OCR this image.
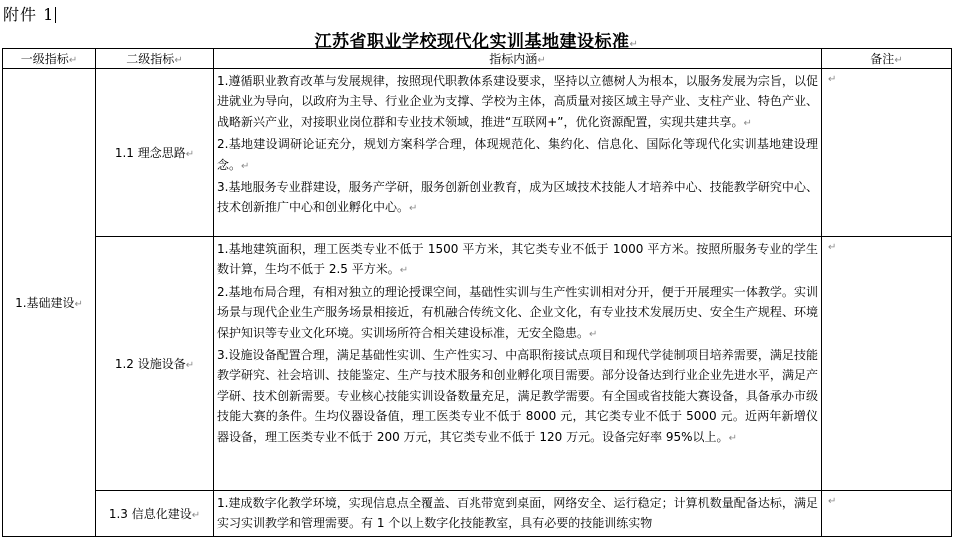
附件 1
江苏省职业学校现代化实训基地建设标准↵
一级指标↵	二级指标↵	指标内涵↵	备注↵
1.基础建设↵	1.1 理念思路↵	1.遵循职业教育改革与发展规律，按照现代职教体系建设要求，坚持以立德树人为根本，以服务发展为宗旨，以促进就业为导向，以政府为主导、行业企业为支撑、学校为主体，高质量对接区域主导产业、支柱产业、特色产业、战略新兴产业，对接职业岗位群和专业技术领域，推进“互联网+”，优化资源配置，实现共建共享。↵
2.基地建设调研论证充分，规划方案科学合理，体现规范化、集约化、信息化、国际化等现代化实训基地建设理念。↵
3.基地服务专业群建设，服务产学研，服务创新创业教育，成为区域技术技能人才培养中心、技能教学研究中心、技术创新推广中心和创业孵化中心。↵	↵
	1.2 设施设备↵	1.基地建筑面积，理工医类专业不低于 1500 平方米，其它类专业不低于 1000 平方米。按照所服务专业的学生数计算，生均不低于 2.5 平方米。↵
2.基地布局合理，有相对独立的理论授课空间，基础性实训与生产性实训相对分开，便于开展理实一体教学。实训场景与现代企业生产服务场景相接近，有机融合传统文化、企业文化，有专业技术发展历史、安全生产规程、环境保护知识等专业文化环境。实训场所符合相关建设标准，无安全隐患。↵
3.设施设备配置合理，满足基础性实训、生产性实习、中高职衔接试点项目和现代学徒制项目培养需要，满足技能教学研究、社会培训、技能鉴定、生产与技术服务和创业孵化项目需要。部分设备达到行业企业先进水平，满足产学研、技术创新需要。专业核心技能实训设备数量充足，满足教学需要。有全国或省技能大赛设备，具备承办市级技能大赛的条件。生均仪器设备值，理工医类专业不低于 8000 元，其它类专业不低于 5000 元。近两年新增仪器设备，理工医类专业不低于 200 万元，其它类专业不低于 120 万元。设备完好率 95%以上。↵	↵
	1.3 信息化建设↵	1.建成数字化教学环境，实现信息点全覆盖、百兆带宽到桌面，网络安全、运行稳定；计算机数量配备达标，满足实习实训教学和管理需要。有 1 个以上数字化技能教室，具有必要的技能训练实物	↵
